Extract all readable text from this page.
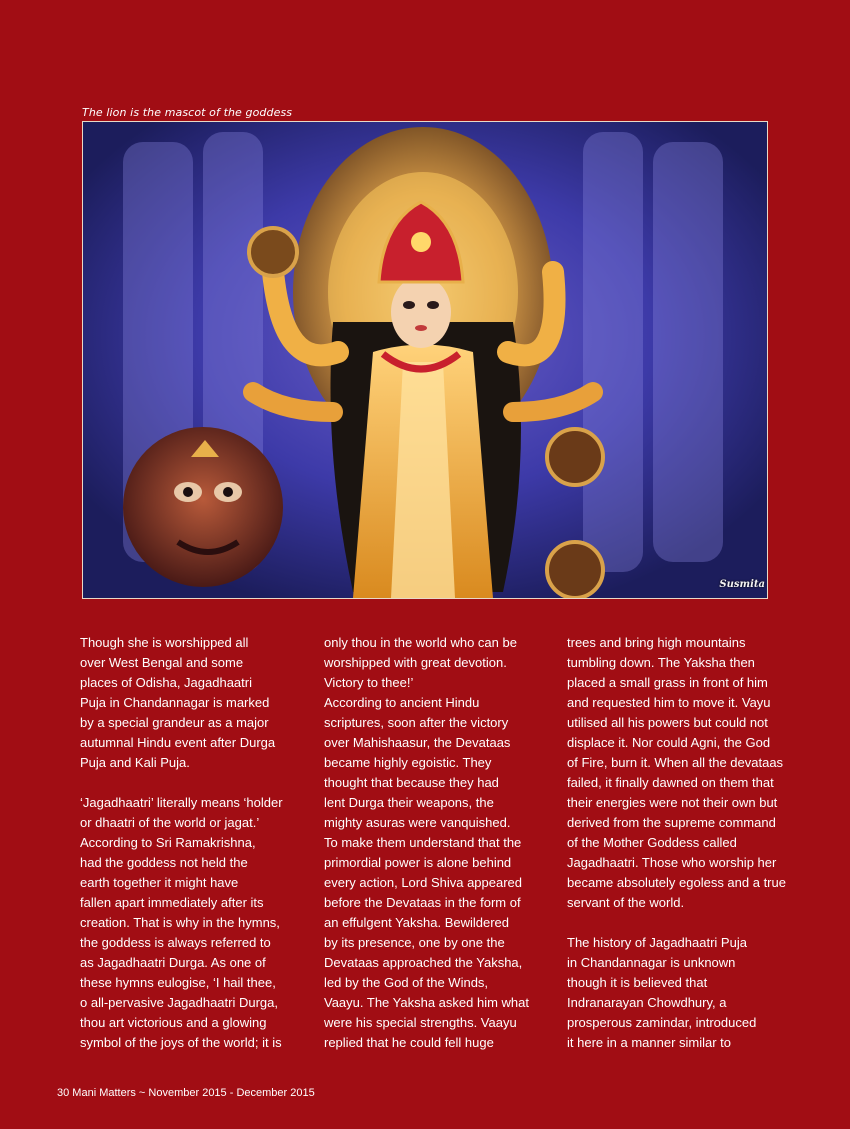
The lion is the mascot of the goddess
Susmita

Though she is worshipped all

over West Bengal and some

places of Odisha, Jagadhaatri

Puja in Chandannagar is marked

by a special grandeur as a major

autumnal Hindu event after Durga

Puja and Kali Puja.

‘Jagadhaatri’ literally means ‘holder

or dhaatri of the world or jagat.’

According to Sri Ramakrishna,

had the goddess not held the

earth together it might have

fallen apart immediately after its

creation. That is why in the hymns,

the goddess is always referred to

as Jagadhaatri Durga. As one of

these hymns eulogise, ‘I hail thee,

o all-pervasive Jagadhaatri Durga,

thou art victorious and a glowing

symbol of the joys of the world; it is

only thou in the world who can be

worshipped with great devotion.

Victory to thee!’

According to ancient Hindu

scriptures, soon after the victory

over Mahishaasur, the Devataas

became highly egoistic. They

thought that because they had

lent Durga their weapons, the

mighty asuras were vanquished.

To make them understand that the

primordial power is alone behind

every action, Lord Shiva appeared

before the Devataas in the form of

an effulgent Yaksha. Bewildered

by its presence, one by one the

Devataas approached the Yaksha,

led by the God of the Winds,

Vaayu. The Yaksha asked him what

were his special strengths. Vaayu

replied that he could fell huge

trees and bring high mountains

tumbling down. The Yaksha then

placed a small grass in front of him

and requested him to move it. Vayu

utilised all his powers but could not

displace it. Nor could Agni, the God

of Fire, burn it. When all the devataas

failed, it finally dawned on them that

their energies were not their own but

derived from the supreme command

of the Mother Goddess called

Jagadhaatri. Those who worship her

became absolutely egoless and a true

servant of the world.

The history of Jagadhaatri Puja

in Chandannagar is unknown

though it is believed that

Indranarayan Chowdhury, a

prosperous zamindar, introduced

it here in a manner similar to

30 Mani Matters ~ November 2015 - December 2015
